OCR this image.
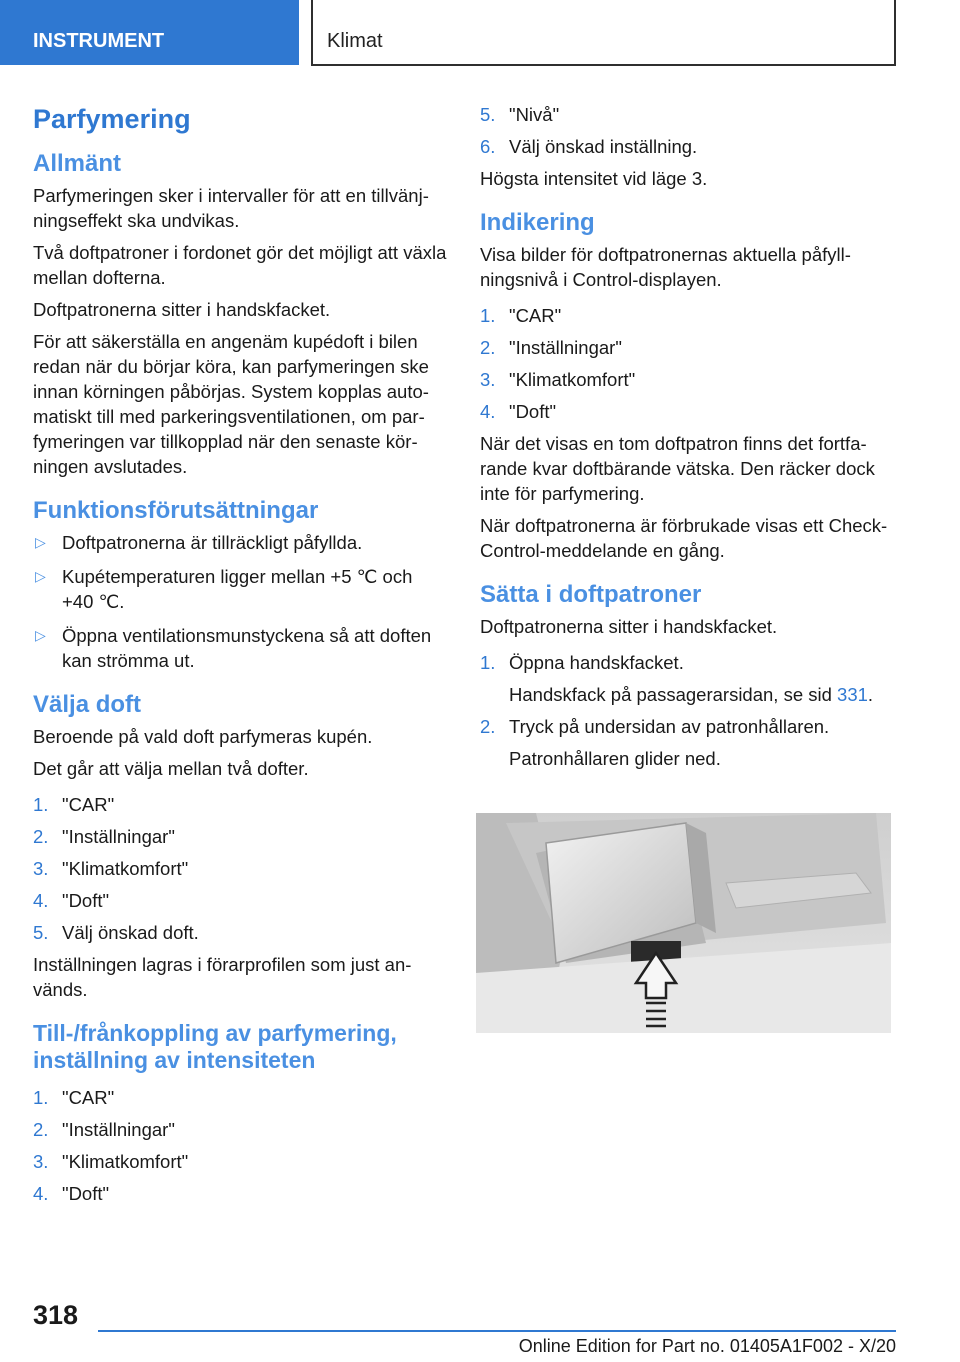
INSTRUMENT	Klimat
Parfymering
Allmänt

Parfymeringen sker i intervaller för att en tillvänjningseffekt ska undvikas.

Två doftpatroner i fordonet gör det möjligt att växla mellan dofterna.

Doftpatronerna sitter i handskfacket.

För att säkerställa en angenäm kupédoft i bilen redan när du börjar köra, kan parfymeringen ske innan körningen påbörjas. System kopplas automatiskt till med parkeringsventilationen, om parfymeringen var tillkopplad när den senaste körningen avslutades.

Funktionsförutsättningar
▷ Doftpatronerna är tillräckligt påfyllda.
▷ Kupétemperaturen ligger mellan +5 ℃ och +40 ℃.
▷ Öppna ventilationsmunstyckena så att doften kan strömma ut.
Välja doft

Beroende på vald doft parfymeras kupén.

Det går att välja mellan två dofter.

1. "CAR"
2. "Inställningar"
3. "Klimatkomfort"
4. "Doft"
5. Välj önskad doft.

Inställningen lagras i förarprofilen som just används.

Till-/frånkoppling av parfymering, inställning av intensiteten
1. "CAR"
2. "Inställningar"
3. "Klimatkomfort"
4. "Doft"
5. "Nivå"
6. Välj önskad inställning.

Högsta intensitet vid läge 3.

Indikering

Visa bilder för doftpatronernas aktuella påfyllningsnivå i Control-displayen.

1. "CAR"
2. "Inställningar"
3. "Klimatkomfort"
4. "Doft"

När det visas en tom doftpatron finns det fortfarande kvar doftbärande vätska. Den räcker dock inte för parfymering.

När doftpatronerna är förbrukade visas ett Check-Control-meddelande en gång.

Sätta i doftpatroner

Doftpatronerna sitter i handskfacket.

1. Öppna handskfacket.
Handskfack på passagerarsidan, se sid 331.
2. Tryck på undersidan av patronhållaren.
Patronhållaren glider ned.
318
Online Edition for Part no. 01405A1F002 - X/20
